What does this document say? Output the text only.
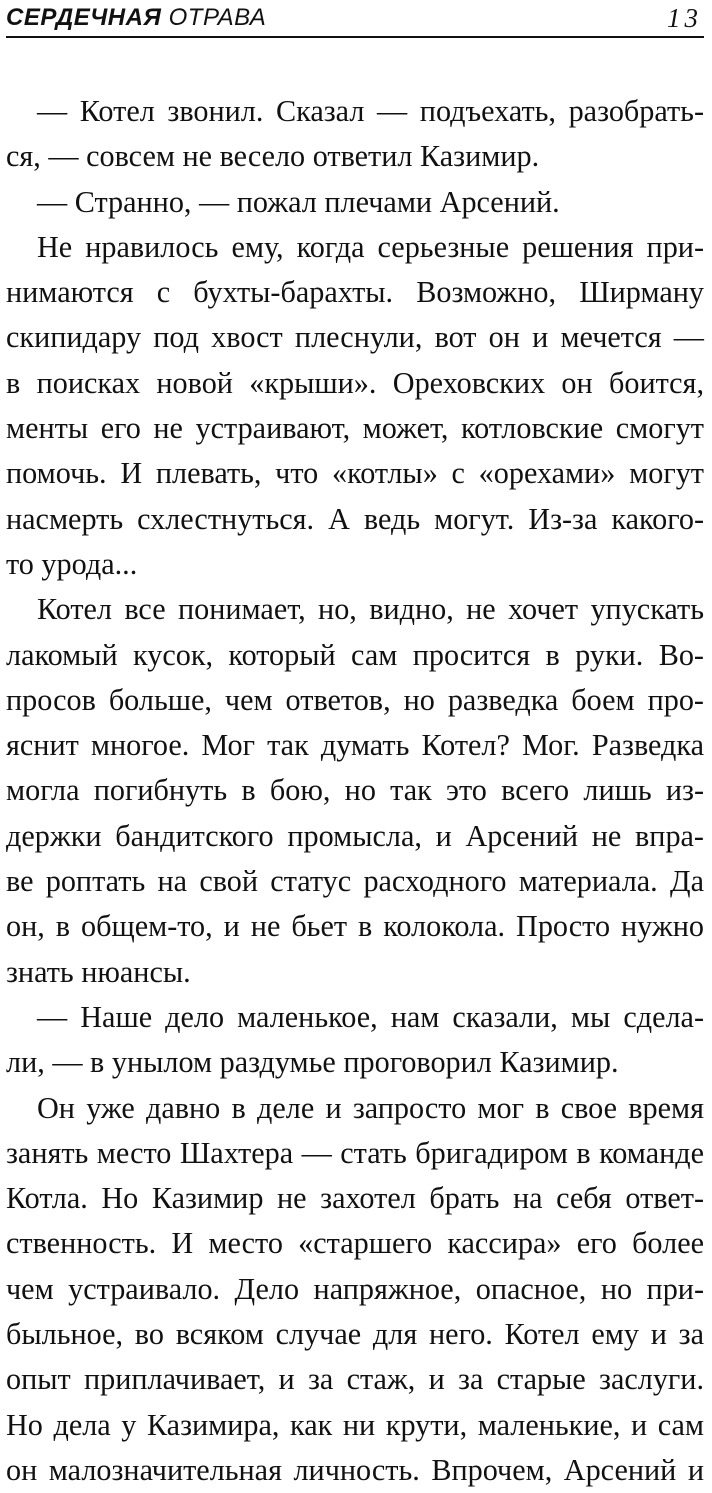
СЕРДЕЧНАЯ ОТРАВА	13
— Котел звонил. Сказал — подъехать, разобрать-
ся, — совсем не весело ответил Казимир.
— Странно, — пожал плечами Арсений.
Не нравилось ему, когда серьезные решения при-
нимаются с бухты-барахты. Возможно, Ширману
скипидару под хвост плеснули, вот он и мечется —
в поисках новой «крыши». Ореховских он боится,
менты его не устраивают, может, котловские смогут
помочь. И плевать, что «котлы» с «орехами» могут
насмерть схлестнуться. А ведь могут. Из-за какого-
то урода...
Котел все понимает, но, видно, не хочет упускать
лакомый кусок, который сам просится в руки. Во-
просов больше, чем ответов, но разведка боем про-
яснит многое. Мог так думать Котел? Мог. Разведка
могла погибнуть в бою, но так это всего лишь из-
держки бандитского промысла, и Арсений не впра-
ве роптать на свой статус расходного материала. Да
он, в общем-то, и не бьет в колокола. Просто нужно
знать нюансы.
— Наше дело маленькое, нам сказали, мы сдела-
ли, — в унылом раздумье проговорил Казимир.
Он уже давно в деле и запросто мог в свое время
занять место Шахтера — стать бригадиром в команде
Котла. Но Казимир не захотел брать на себя ответ-
ственность. И место «старшего кассира» его более
чем устраивало. Дело напряжное, опасное, но при-
быльное, во всяком случае для него. Котел ему и за
опыт приплачивает, и за стаж, и за старые заслуги.
Но дела у Казимира, как ни крути, маленькие, и сам
он малозначительная личность. Впрочем, Арсений и
